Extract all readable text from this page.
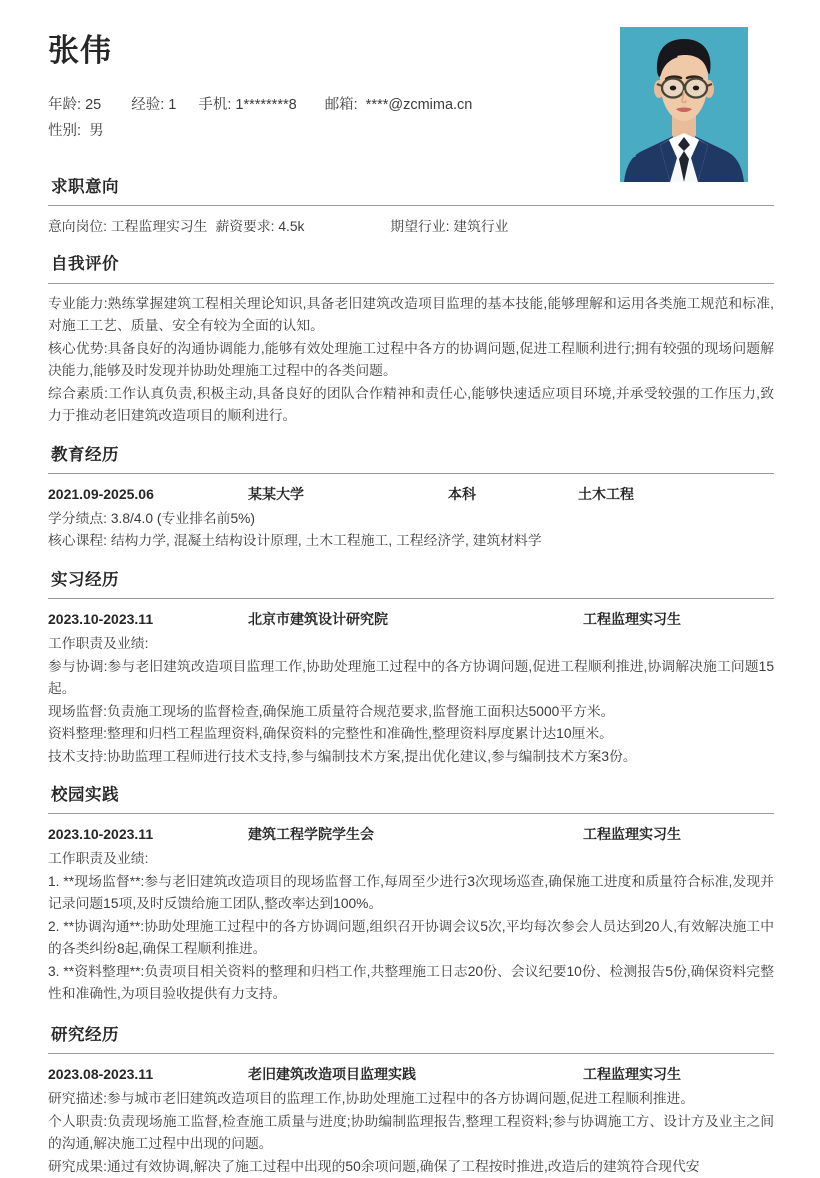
张伟
年龄: 25 经验: 1 手机: 1********8 邮箱: ****@zcmima.cn
性别: 男
求职意向
意向岗位: 工程监理实习生 薪资要求: 4.5k	期望行业: 建筑行业
自我评价

专业能力:熟练掌握建筑工程相关理论知识,具备老旧建筑改造项目监理的基本技能,能够理解和运用各类施工规范和标准,对施工工艺、质量、安全有较为全面的认知。

核心优势:具备良好的沟通协调能力,能够有效处理施工过程中各方的协调问题,促进工程顺利进行;拥有较强的现场问题解决能力,能够及时发现并协助处理施工过程中的各类问题。

综合素质:工作认真负责,积极主动,具备良好的团队合作精神和责任心,能够快速适应项目环境,并承受较强的工作压力,致力于推动老旧建筑改造项目的顺利进行。

教育经历
2021.09-2025.06	某某大学	本科	土木工程

学分绩点: 3.8/4.0 (专业排名前5%)

核心课程: 结构力学, 混凝土结构设计原理, 土木工程施工, 工程经济学, 建筑材料学

实习经历
2023.10-2023.11	北京市建筑设计研究院	工程监理实习生

工作职责及业绩:

参与协调:参与老旧建筑改造项目监理工作,协助处理施工过程中的各方协调问题,促进工程顺利推进,协调解决施工问题15起。

现场监督:负责施工现场的监督检查,确保施工质量符合规范要求,监督施工面积达5000平方米。

资料整理:整理和归档工程监理资料,确保资料的完整性和准确性,整理资料厚度累计达10厘米。

技术支持:协助监理工程师进行技术支持,参与编制技术方案,提出优化建议,参与编制技术方案3份。

校园实践
2023.10-2023.11	建筑工程学院学生会	工程监理实习生

工作职责及业绩:

1. **现场监督**:参与老旧建筑改造项目的现场监督工作,每周至少进行3次现场巡查,确保施工进度和质量符合标准,发现并记录问题15项,及时反馈给施工团队,整改率达到100%。

2. **协调沟通**:协助处理施工过程中的各方协调问题,组织召开协调会议5次,平均每次参会人员达到20人,有效解决施工中的各类纠纷8起,确保工程顺利推进。

3. **资料整理**:负责项目相关资料的整理和归档工作,共整理施工日志20份、会议纪要10份、检测报告5份,确保资料完整性和准确性,为项目验收提供有力支持。

研究经历
2023.08-2023.11	老旧建筑改造项目监理实践	工程监理实习生

研究描述:参与城市老旧建筑改造项目的监理工作,协助处理施工过程中的各方协调问题,促进工程顺利推进。

个人职责:负责现场施工监督,检查施工质量与进度;协助编制监理报告,整理工程资料;参与协调施工方、设计方及业主之间的沟通,解决施工过程中出现的问题。

研究成果:通过有效协调,解决了施工过程中出现的50余项问题,确保了工程按时推进,改造后的建筑符合现代安
